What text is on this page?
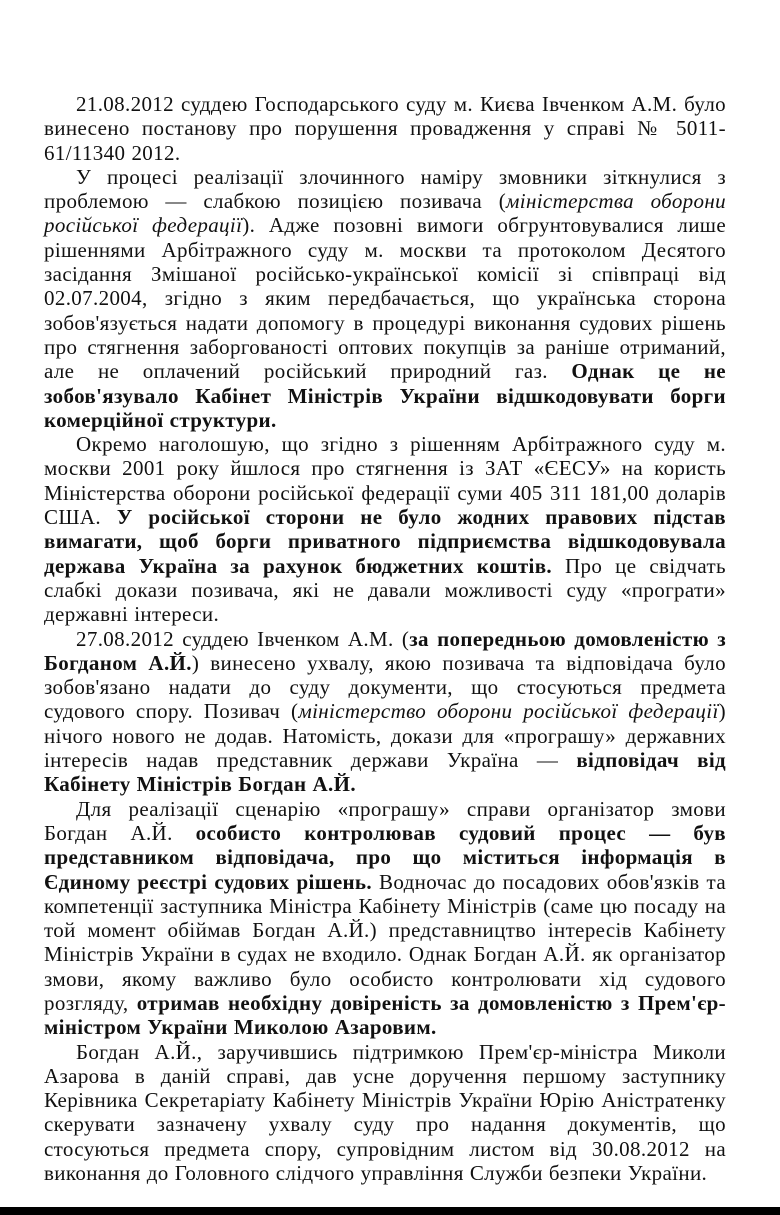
21.08.2012 суддею Господарського суду м. Києва Івченком А.М. було винесено постанову про порушення провадження у справі № 5011-61/11340 2012.

У процесі реалізації злочинного наміру змовники зіткнулися з проблемою — слабкою позицією позивача (міністерства оборони російської федерації). Адже позовні вимоги обгрунтовувалися лише рішеннями Арбітражного суду м. москви та протоколом Десятого засідання Змішаної російсько-української комісії зі співпраці від 02.07.2004, згідно з яким передбачається, що українська сторона зобов'язується надати допомогу в процедурі виконання судових рішень про стягнення заборгованості оптових покупців за раніше отриманий, але не оплачений російський природний газ. Однак це не зобов'язувало Кабінет Міністрів України відшкодовувати борги комерційної структури.

Окремо наголошую, що згідно з рішенням Арбітражного суду м. москви 2001 року йшлося про стягнення із ЗАТ «ЄЕСУ» на користь Міністерства оборони російської федерації суми 405 311 181,00 доларів США. У російської сторони не було жодних правових підстав вимагати, щоб борги приватного підприємства відшкодовувала держава Україна за рахунок бюджетних коштів. Про це свідчать слабкі докази позивача, які не давали можливості суду «програти» державні інтереси.

27.08.2012 суддею Івченком А.М. (за попередньою домовленістю з Богданом А.Й.) винесено ухвалу, якою позивача та відповідача було зобов'язано надати до суду документи, що стосуються предмета судового спору. Позивач (міністерство оборони російської федерації) нічого нового не додав. Натомість, докази для «програшу» державних інтересів надав представник держави Україна — відповідач від Кабінету Міністрів Богдан А.Й.

Для реалізації сценарію «програшу» справи організатор змови Богдан А.Й. особисто контролював судовий процес — був представником відповідача, про що міститься інформація в Єдиному реєстрі судових рішень. Водночас до посадових обов'язків та компетенції заступника Міністра Кабінету Міністрів (саме цю посаду на той момент обіймав Богдан А.Й.) представництво інтересів Кабінету Міністрів України в судах не входило. Однак Богдан А.Й. як організатор змови, якому важливо було особисто контролювати хід судового розгляду, отримав необхідну довіреність за домовленістю з Прем'єр-міністром України Миколою Азаровим.

Богдан А.Й., заручившись підтримкою Прем'єр-міністра Миколи Азарова в даній справі, дав усне доручення першому заступнику Керівника Секретаріату Кабінету Міністрів України Юрію Аністратенку скерувати зазначену ухвалу суду про надання документів, що стосуються предмета спору, супровідним листом від 30.08.2012 на виконання до Головного слідчого управління Служби безпеки України.
